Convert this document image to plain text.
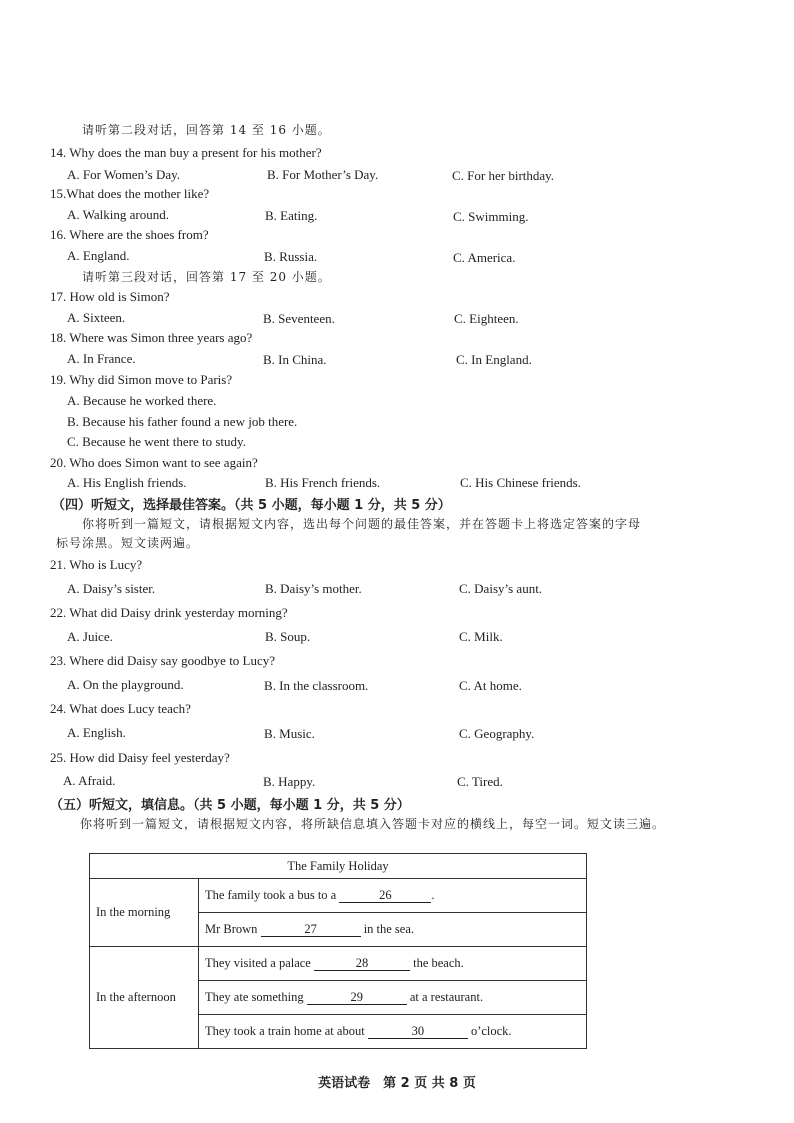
请听第二段对话，回答第 14 至 16 小题。
14. Why does the man buy a present for his mother?
A. For Women’s Day.	B. For Mother’s Day.	C. For her birthday.
15.What does the mother like?
A. Walking around.	B. Eating.	C. Swimming.
16. Where are the shoes from?
A. England.	B. Russia.	C. America.
请听第三段对话，回答第 17 至 20 小题。
17. How old is Simon?
A. Sixteen.	B. Seventeen.	C. Eighteen.
18. Where was Simon three years ago?
A. In France.	B. In China.	C. In England.
19. Why did Simon move to Paris?
A. Because he worked there.
B. Because his father found a new job there.
C. Because he went there to study.
20. Who does Simon want to see again?
A. His English friends.	B. His French friends.	C. His Chinese friends.
（四）听短文，选择最佳答案。（共 5 小题，每小题 1 分，共 5 分）
你将听到一篇短文，请根据短文内容，选出每个问题的最佳答案，并在答题卡上将选定答案的字母
标号涂黑。短文读两遍。
21. Who is Lucy?
A. Daisy’s sister.	B. Daisy’s mother.	C. Daisy’s aunt.
22. What did Daisy drink yesterday morning?
A. Juice.	B. Soup.	C. Milk.
23. Where did Daisy say goodbye to Lucy?
A. On the playground.	B. In the classroom.	C. At home.
24. What does Lucy teach?
A. English.	B. Music.	C. Geography.
25. How did Daisy feel yesterday?
A. Afraid.	B. Happy.	C. Tired.
（五）听短文，填信息。（共 5 小题，每小题 1 分，共 5 分）
你将听到一篇短文，请根据短文内容，将所缺信息填入答题卡对应的横线上，每空一词。短文读三遍。
The Family Holiday	
In the morning	The family took a bus to a 26 .
	Mr Brown 27 in the sea.
In the afternoon	They visited a palace 28 the beach.
	They ate something 29 at a restaurant.
	They took a train home at about 30 o’clock.
英语试卷　第 2 页 共 8 页
